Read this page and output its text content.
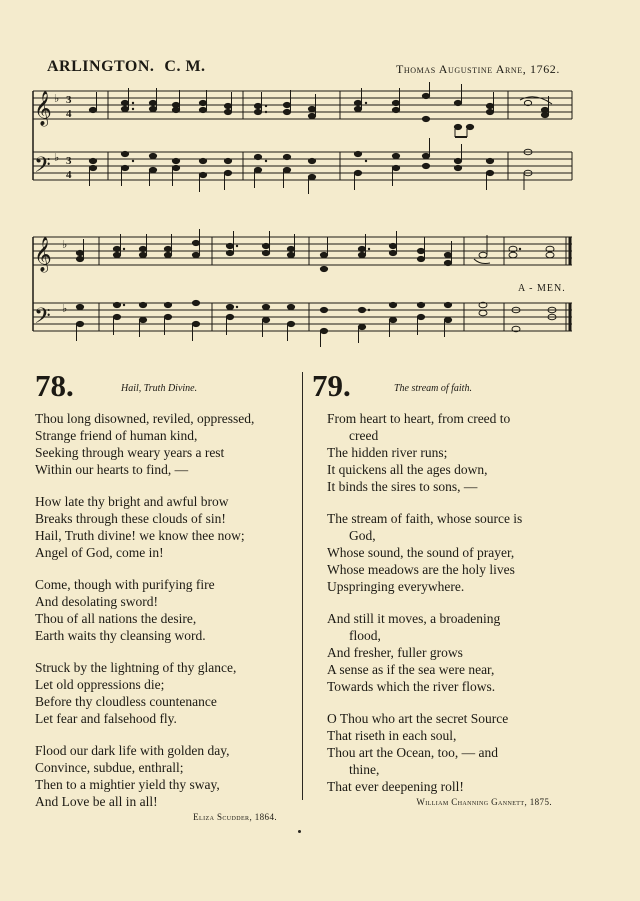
ARLINGTON. C. M.	Thomas Augustine Arne, 1762.
𝄞
𝄢
3
4
3
4
♭
♭
𝄞
𝄢
♭
♭
A - MEN.
78.	Hail, Truth Divine.
Thou long disowned, reviled, oppressed,
Strange friend of human kind,
Seeking through weary years a rest
Within our hearts to find, —
How late thy bright and awful brow
Breaks through these clouds of sin!
Hail, Truth divine! we know thee now;
Angel of God, come in!
Come, though with purifying fire
And desolating sword!
Thou of all nations the desire,
Earth waits thy cleansing word.
Struck by the lightning of thy glance,
Let old oppressions die;
Before thy cloudless countenance
Let fear and falsehood fly.
Flood our dark life with golden day,
Convince, subdue, enthrall;
Then to a mightier yield thy sway,
And Love be all in all!
Eliza Scudder, 1864.
79.	The stream of faith.
From heart to heart, from creed to
creed
The hidden river runs;
It quickens all the ages down,
It binds the sires to sons, —
The stream of faith, whose source is
God,
Whose sound, the sound of prayer,
Whose meadows are the holy lives
Upspringing everywhere.
And still it moves, a broadening
flood,
And fresher, fuller grows
A sense as if the sea were near,
Towards which the river flows.
O Thou who art the secret Source
That riseth in each soul,
Thou art the Ocean, too, — and
thine,
That ever deepening roll!
William Channing Gannett, 1875.
